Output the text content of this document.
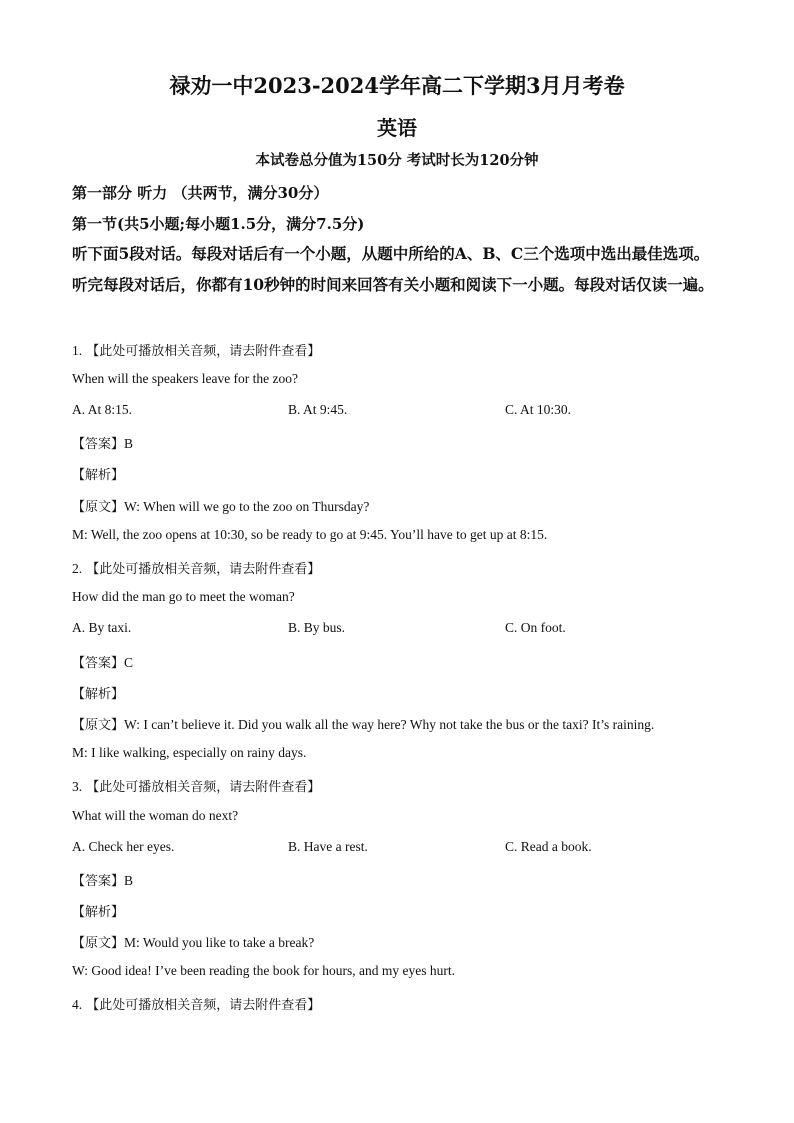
禄劝一中2023-2024学年高二下学期3月月考卷
英语
本试卷总分值为150分 考试时长为120分钟
第一部分 听力 （共两节，满分30分）
第一节(共5小题;每小题1.5分，满分7.5分)
听下面5段对话。每段对话后有一个小题，从题中所给的A、B、C三个选项中选出最佳选项。听完每段对话后，你都有10秒钟的时间来回答有关小题和阅读下一小题。每段对话仅读一遍。
1. 【此处可播放相关音频，请去附件查看】
When will the speakers leave for the zoo?
A. At 8:15.	B. At 9:45.	C. At 10:30.
【答案】B
【解析】
【原文】W: When will we go to the zoo on Thursday?
M: Well, the zoo opens at 10:30, so be ready to go at 9:45. You’ll have to get up at 8:15.
2. 【此处可播放相关音频，请去附件查看】
How did the man go to meet the woman?
A. By taxi.	B. By bus.	C. On foot.
【答案】C
【解析】
【原文】W: I can’t believe it. Did you walk all the way here? Why not take the bus or the taxi? It’s raining.
M: I like walking, especially on rainy days.
3. 【此处可播放相关音频，请去附件查看】
What will the woman do next?
A. Check her eyes.	B. Have a rest.	C. Read a book.
【答案】B
【解析】
【原文】M: Would you like to take a break?
W: Good idea! I’ve been reading the book for hours, and my eyes hurt.
4. 【此处可播放相关音频，请去附件查看】
